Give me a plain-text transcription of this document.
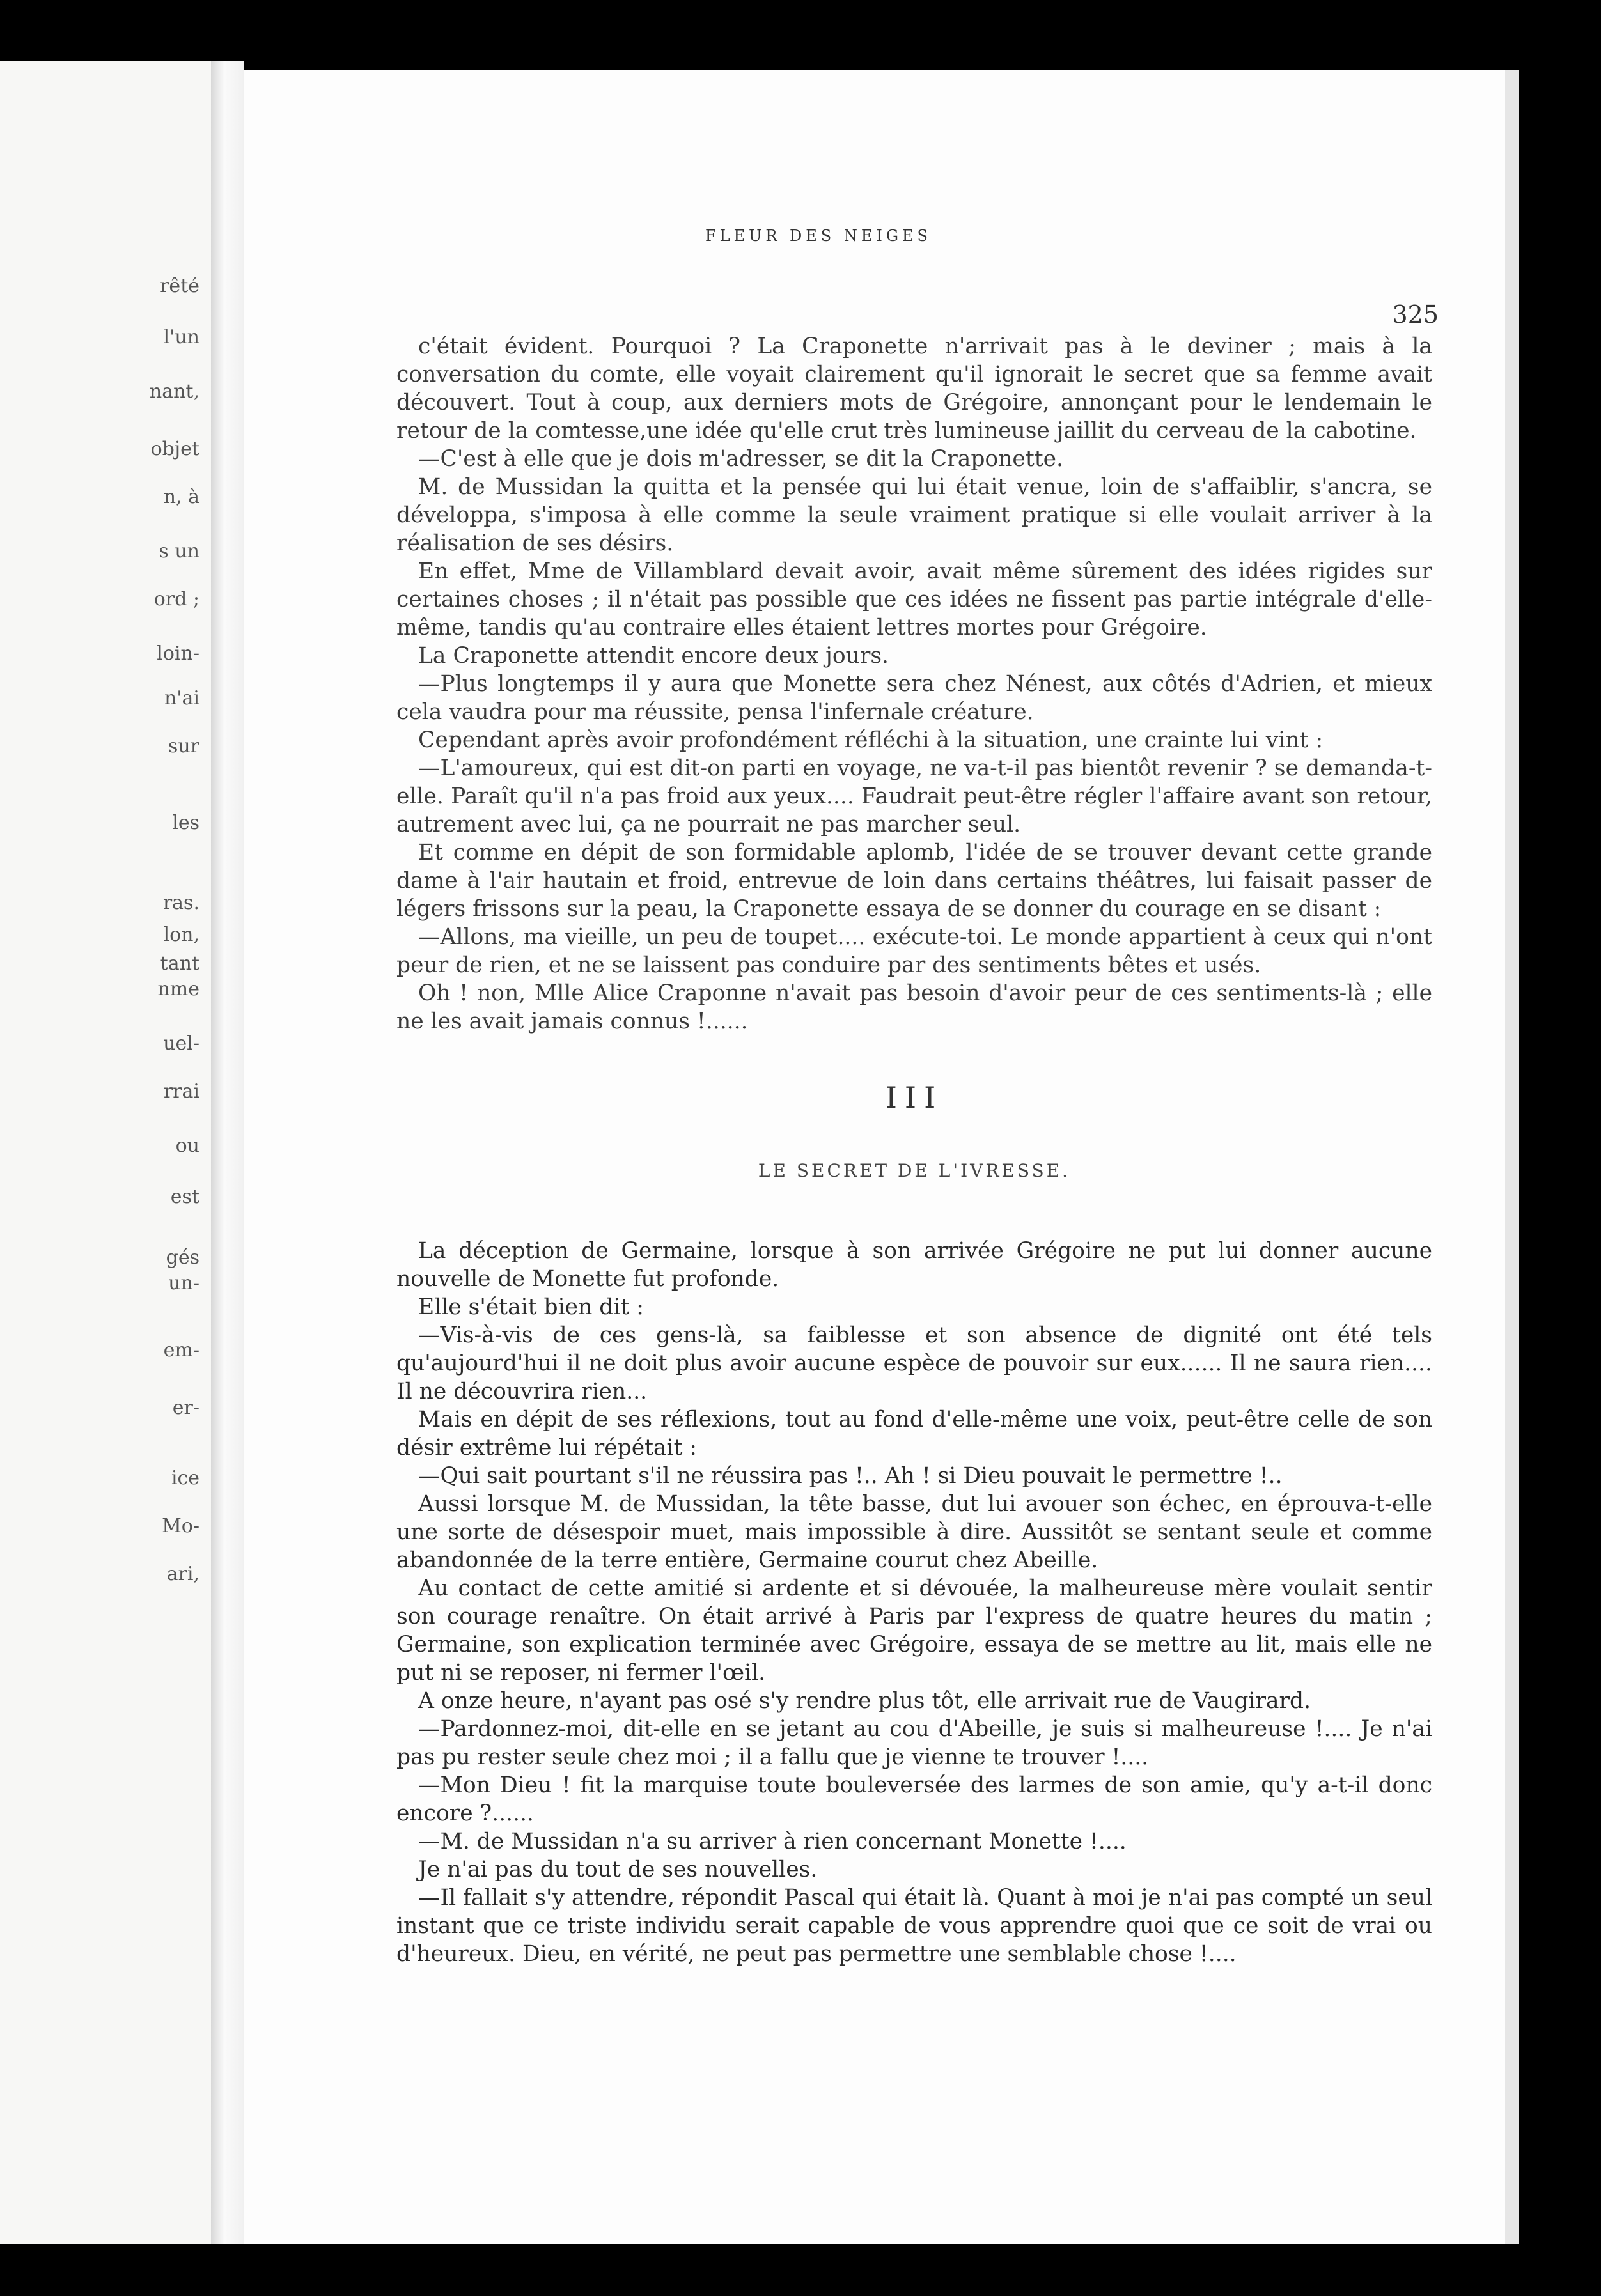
rêté
l'un
nant,
objet
n, à
s un
ord ;
loin-
n'ai
sur
les
ras.
lon,
tant
nme
uel-
rrai
ou
est
gés
un-
em-
er-
ice
Mo-
ari,
FLEUR DES NEIGES
325

c'était évident. Pourquoi ? La Craponette n'arrivait pas à le deviner ; mais à la conversation du comte, elle voyait clairement qu'il ignorait le secret que sa femme avait découvert. Tout à coup, aux derniers mots de Grégoire, annonçant pour le lendemain le retour de la comtesse,une idée qu'elle crut très lumineuse jaillit du cerveau de la cabotine.

—C'est à elle que je dois m'adresser, se dit la Craponette.

M. de Mussidan la quitta et la pensée qui lui était venue, loin de s'affaiblir, s'ancra, se développa, s'imposa à elle comme la seule vraiment pratique si elle voulait arriver à la réalisation de ses désirs.

En effet, Mme de Villamblard devait avoir, avait même sûrement des idées rigides sur certaines choses ; il n'était pas possible que ces idées ne fissent pas partie intégrale d'elle-même, tandis qu'au contraire elles étaient lettres mortes pour Grégoire.

La Craponette attendit encore deux jours.

—Plus longtemps il y aura que Monette sera chez Nénest, aux côtés d'Adrien, et mieux cela vaudra pour ma réussite, pensa l'infernale créature.

Cependant après avoir profondément réfléchi à la situation, une crainte lui vint :

—L'amoureux, qui est dit-on parti en voyage, ne va-t-il pas bientôt revenir ? se demanda-t-elle. Paraît qu'il n'a pas froid aux yeux.... Faudrait peut-être régler l'affaire avant son retour, autrement avec lui, ça ne pourrait ne pas marcher seul.

Et comme en dépit de son formidable aplomb, l'idée de se trouver devant cette grande dame à l'air hautain et froid, entrevue de loin dans certains théâtres, lui faisait passer de légers frissons sur la peau, la Craponette essaya de se donner du courage en se disant :

—Allons, ma vieille, un peu de toupet.... exécute-toi. Le monde appartient à ceux qui n'ont peur de rien, et ne se laissent pas conduire par des sentiments bêtes et usés.

Oh ! non, Mlle Alice Craponne n'avait pas besoin d'avoir peur de ces sentiments-là ; elle ne les avait jamais connus !......

III
LE SECRET DE L'IVRESSE.

La déception de Germaine, lorsque à son arrivée Grégoire ne put lui donner aucune nouvelle de Monette fut profonde.

Elle s'était bien dit :

—Vis-à-vis de ces gens-là, sa faiblesse et son absence de dignité ont été tels qu'aujourd'hui il ne doit plus avoir aucune espèce de pouvoir sur eux...... Il ne saura rien.... Il ne découvrira rien...

Mais en dépit de ses réflexions, tout au fond d'elle-même une voix, peut-être celle de son désir extrême lui répétait :

—Qui sait pourtant s'il ne réussira pas !.. Ah ! si Dieu pouvait le permettre !..

Aussi lorsque M. de Mussidan, la tête basse, dut lui avouer son échec, en éprouva-t-elle une sorte de désespoir muet, mais impossible à dire. Aussitôt se sentant seule et comme abandonnée de la terre entière, Germaine courut chez Abeille.

Au contact de cette amitié si ardente et si dévouée, la malheureuse mère voulait sentir son courage renaître. On était arrivé à Paris par l'express de quatre heures du matin ; Germaine, son explication terminée avec Grégoire, essaya de se mettre au lit, mais elle ne put ni se reposer, ni fermer l'œil.

A onze heure, n'ayant pas osé s'y rendre plus tôt, elle arrivait rue de Vaugirard.

—Pardonnez-moi, dit-elle en se jetant au cou d'Abeille, je suis si malheureuse !.... Je n'ai pas pu rester seule chez moi ; il a fallu que je vienne te trouver !....

—Mon Dieu ! fit la marquise toute bouleversée des larmes de son amie, qu'y a-t-il donc encore ?......

—M. de Mussidan n'a su arriver à rien concernant Monette !....

Je n'ai pas du tout de ses nouvelles.

—Il fallait s'y attendre, répondit Pascal qui était là. Quant à moi je n'ai pas compté un seul instant que ce triste individu serait capable de vous apprendre quoi que ce soit de vrai ou d'heureux. Dieu, en vérité, ne peut pas permettre une semblable chose !....
